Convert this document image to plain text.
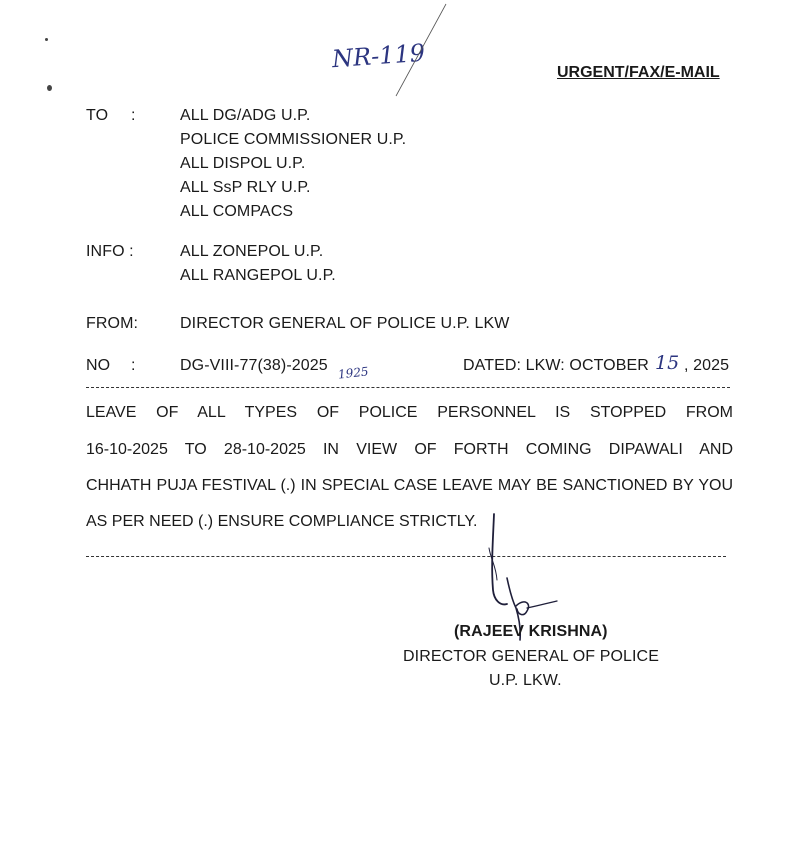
NR-119	URGENT/FAX/E-MAIL
TO :	ALL DG/ADG U.P.
POLICE COMMISSIONER U.P.
ALL DISPOL U.P.
ALL SsP RLY U.P.
ALL COMPACS
INFO :	ALL ZONEPOL U.P.
ALL RANGEPOL U.P.
FROM:	DIRECTOR GENERAL OF POLICE U.P. LKW
NO :	DG-VIII-77(38)-2025 1925	DATED: LKW: OCTOBER 15 , 2025
LEAVE OF ALL TYPES OF POLICE PERSONNEL IS STOPPED FROM
16-10-2025 TO 28-10-2025 IN VIEW OF FORTH COMING DIPAWALI AND
CHHATH PUJA FESTIVAL (.) IN SPECIAL CASE LEAVE MAY BE SANCTIONED BY YOU
AS PER NEED (.) ENSURE COMPLIANCE STRICTLY.
(RAJEEV KRISHNA)
DIRECTOR GENERAL OF POLICE
U.P. LKW.
